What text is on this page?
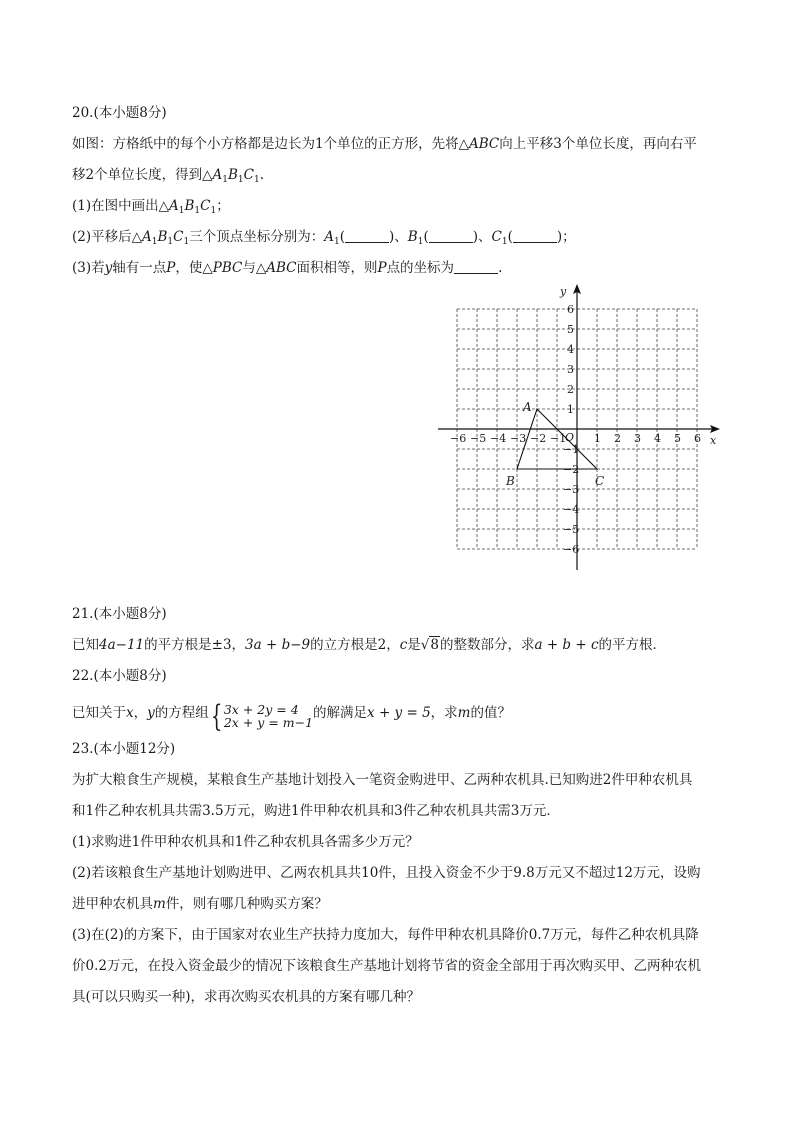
20.(本小题8分)
如图：方格纸中的每个小方格都是边长为1个单位的正方形，先将△ABC向上平移3个单位长度，再向右平
移2个单位长度，得到$\triangle A_1B_1C_1$.
(1)在图中画出$\triangle A_1B_1C_1$；
(2)平移后$\triangle A_1B_1C_1$三个顶点坐标分别为：$A_1$(	)、$B_1$(	)、$C_1$(	)；
(3)若y轴有一点P，使△PBC与△ABC面积相等，则P点的坐标为	.
x
y
O
−6 −5 −4 −3 −2 −1	1 2 3 4 5 6
6
5
4
3
2
1
−1
−2
−3
−4
−5
−6
A
B	C
21.(本小题8分)
已知4a−11的平方根是±3，3a + b−9的立方根是2，c是√8的整数部分，求a + b + c的平方根．
22.(本小题8分)
已知关于x，y的方程组{ 3x + 2y = 4
2x + y = m−1
的解满足x + y = 5，求m的值？
23.(本小题12分)
为扩大粮食生产规模，某粮食生产基地计划投入一笔资金购进甲、乙两种农机具.已知购进2件甲种农机具
和1件乙种农机具共需3.5万元，购进1件甲种农机具和3件乙种农机具共需3万元．
(1)求购进1件甲种农机具和1件乙种农机具各需多少万元？
(2)若该粮食生产基地计划购进甲、乙两农机具共10件，且投入资金不少于9.8万元又不超过12万元，设购
进甲种农机具m件，则有哪几种购买方案？
(3)在(2)的方案下，由于国家对农业生产扶持力度加大，每件甲种农机具降价0.7万元，每件乙种农机具降
价0.2万元，在投入资金最少的情况下该粮食生产基地计划将节省的资金全部用于再次购买甲、乙两种农机
具(可以只购买一种)，求再次购买农机具的方案有哪几种？
